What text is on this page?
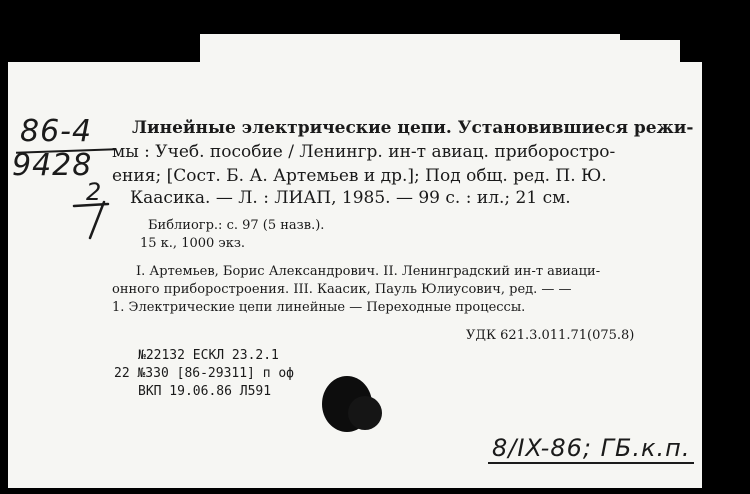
86-4
9428
2
Линейные электрические цепи. Установившиеся режи-
мы : Учеб. пособие / Ленингр. ин-т авиац. приборостро-
ения; [Сост. Б. А. Артемьев и др.]; Под общ. ред. П. Ю.
Каасика. — Л. : ЛИАП, 1985. — 99 с. : ил.; 21 см.
Библиогр.: с. 97 (5 назв.).
15 к., 1000 экз.
I. Артемьев, Борис Александрович. II. Ленинградский ин-т авиаци-
онного приборостроения. III. Каасик, Пауль Юлиусович, ред. — —
1. Электрические цепи линейные — Переходные процессы.
УДК 621.3.011.71(075.8)
№22132 ЕСКЛ 23.2.1
22 №330 [86-29311] п оф
ВКП 19.06.86 Л591
8/IX-86; ГБ.к.п.
